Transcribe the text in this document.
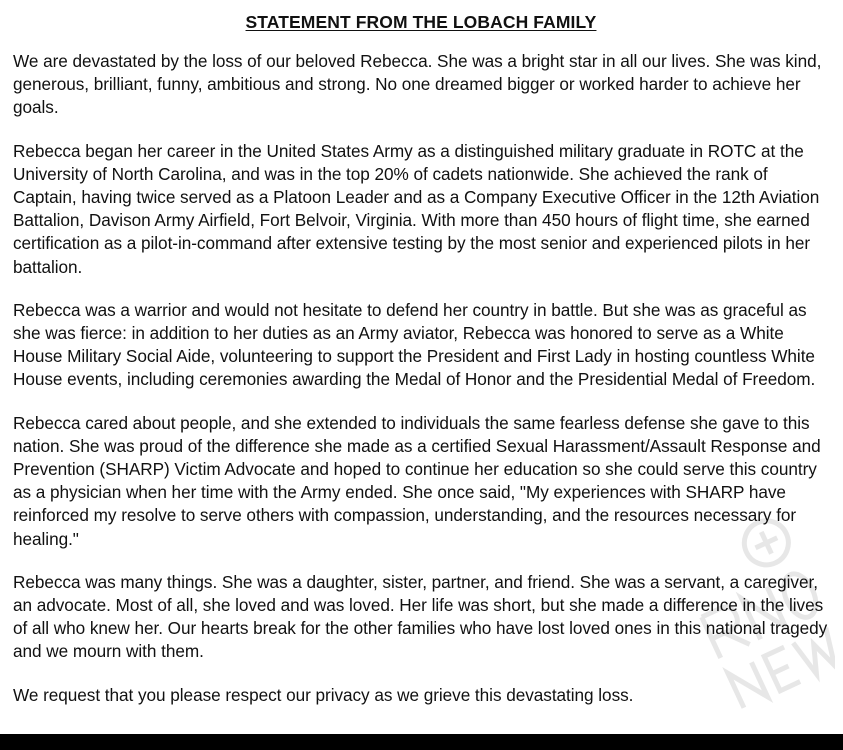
STATEMENT FROM THE LOBACH FAMILY

We are devastated by the loss of our beloved Rebecca. She was a bright star in all our lives. She was kind, generous, brilliant, funny, ambitious and strong. No one dreamed bigger or worked harder to achieve her goals.

Rebecca began her career in the United States Army as a distinguished military graduate in ROTC at the University of North Carolina, and was in the top 20% of cadets nationwide. She achieved the rank of Captain, having twice served as a Platoon Leader and as a Company Executive Officer in the 12th Aviation Battalion, Davison Army Airfield, Fort Belvoir, Virginia. With more than 450 hours of flight time, she earned certification as a pilot-in-command after extensive testing by the most senior and experienced pilots in her battalion.

Rebecca was a warrior and would not hesitate to defend her country in battle. But she was as graceful as she was fierce: in addition to her duties as an Army aviator, Rebecca was honored to serve as a White House Military Social Aide, volunteering to support the President and First Lady in hosting countless White House events, including ceremonies awarding the Medal of Honor and the Presidential Medal of Freedom.

Rebecca cared about people, and she extended to individuals the same fearless defense she gave to this nation. She was proud of the difference she made as a certified Sexual Harassment/Assault Response and Prevention (SHARP) Victim Advocate and hoped to continue her education so she could serve this country as a physician when her time with the Army ended. She once said, "My experiences with SHARP have reinforced my resolve to serve others with compassion, understanding, and the resources necessary for healing."

Rebecca was many things. She was a daughter, sister, partner, and friend. She was a servant, a caregiver, an advocate. Most of all, she loved and was loved. Her life was short, but she made a difference in the lives of all who knew her. Our hearts break for the other families who have lost loved ones in this national tragedy and we mourn with them.

We request that you please respect our privacy as we grieve this devastating loss.
